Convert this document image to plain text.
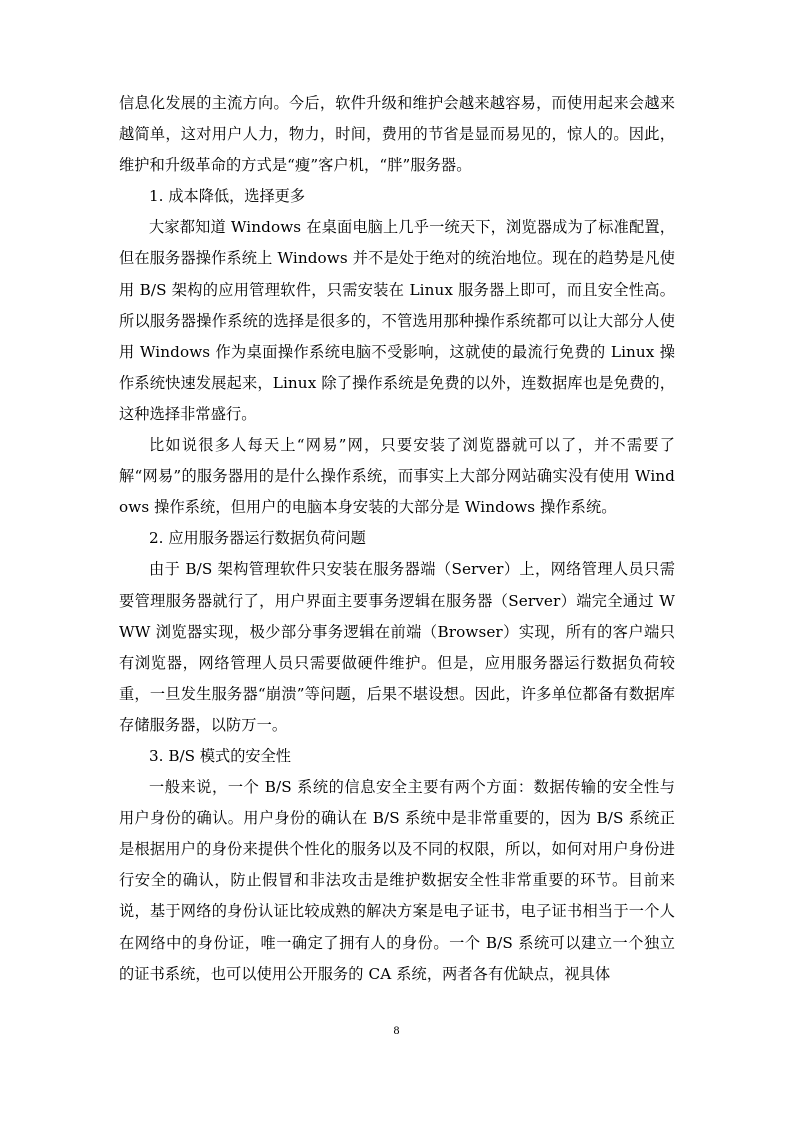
信息化发展的主流方向。今后，软件升级和维护会越来越容易，而使用起来会越来越简单，这对用户人力，物力，时间，费用的节省是显而易见的，惊人的。因此，维护和升级革命的方式是“瘦”客户机，“胖”服务器。

1. 成本降低，选择更多

大家都知道 Windows 在桌面电脑上几乎一统天下，浏览器成为了标准配置，但在服务器操作系统上 Windows 并不是处于绝对的统治地位。现在的趋势是凡使用 B/S 架构的应用管理软件，只需安装在 Linux 服务器上即可，而且安全性高。所以服务器操作系统的选择是很多的，不管选用那种操作系统都可以让大部分人使用 Windows 作为桌面操作系统电脑不受影响，这就使的最流行免费的 Linux 操作系统快速发展起来，Linux 除了操作系统是免费的以外，连数据库也是免费的，这种选择非常盛行。

比如说很多人每天上“网易”网，只要安装了浏览器就可以了，并不需要了解“网易”的服务器用的是什么操作系统，而事实上大部分网站确实没有使用 Windows 操作系统，但用户的电脑本身安装的大部分是 Windows 操作系统。

2. 应用服务器运行数据负荷问题

由于 B/S 架构管理软件只安装在服务器端（Server）上，网络管理人员只需要管理服务器就行了，用户界面主要事务逻辑在服务器（Server）端完全通过 WWW 浏览器实现，极少部分事务逻辑在前端（Browser）实现，所有的客户端只有浏览器，网络管理人员只需要做硬件维护。但是，应用服务器运行数据负荷较重，一旦发生服务器“崩溃”等问题，后果不堪设想。因此，许多单位都备有数据库存储服务器，以防万一。

3. B/S 模式的安全性

一般来说，一个 B/S 系统的信息安全主要有两个方面：数据传输的安全性与用户身份的确认。用户身份的确认在 B/S 系统中是非常重要的，因为 B/S 系统正是根据用户的身份来提供个性化的服务以及不同的权限，所以，如何对用户身份进行安全的确认，防止假冒和非法攻击是维护数据安全性非常重要的环节。目前来说，基于网络的身份认证比较成熟的解决方案是电子证书，电子证书相当于一个人在网络中的身份证，唯一确定了拥有人的身份。一个 B/S 系统可以建立一个独立的证书系统，也可以使用公开服务的 CA 系统，两者各有优缺点，视具体

8
